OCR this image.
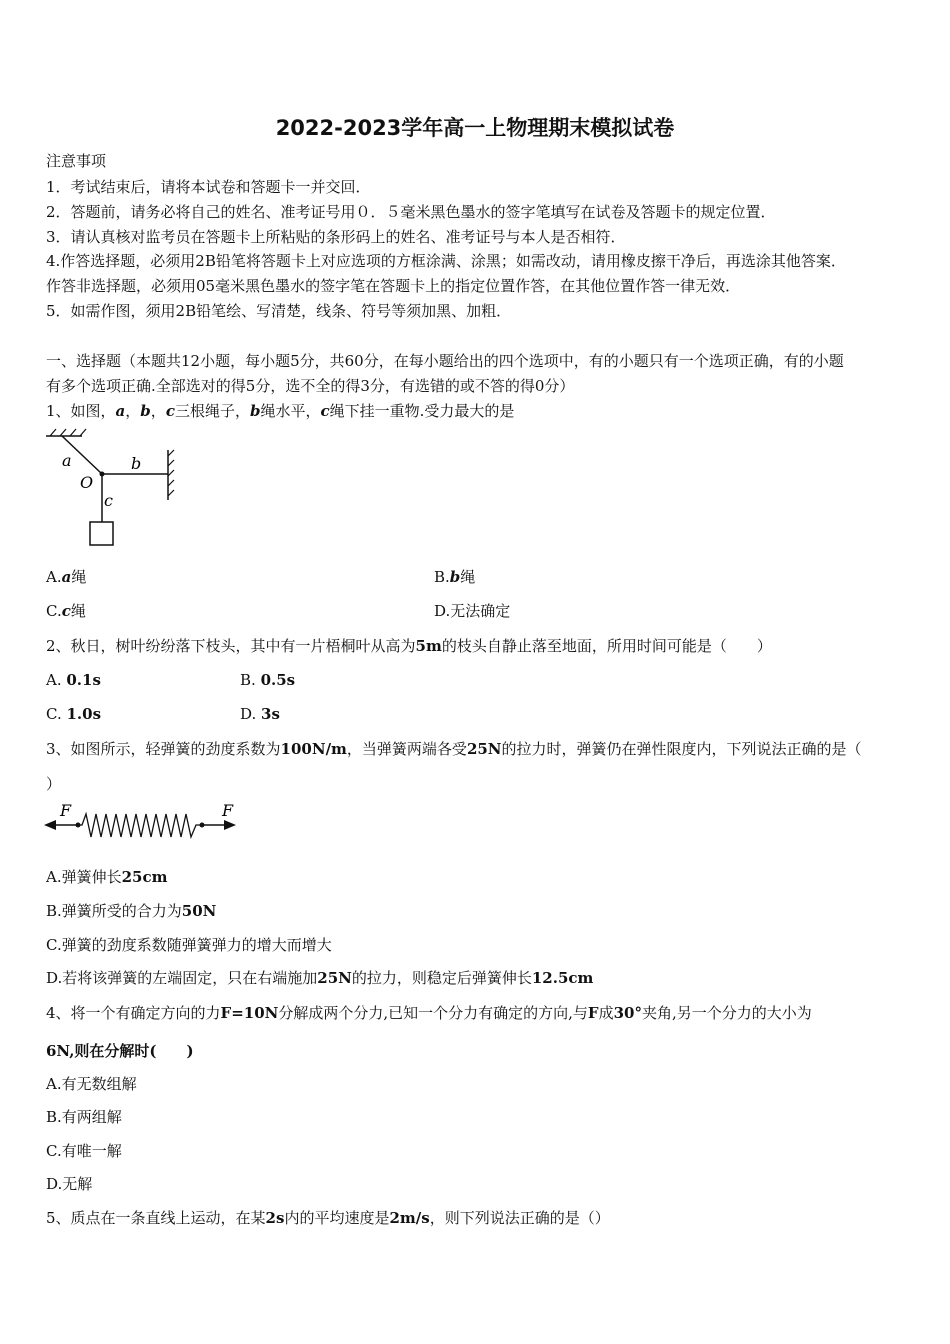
2022-2023学年高一上物理期末模拟试卷
注意事项
1．考试结束后，请将本试卷和答题卡一并交回．
2．答题前，请务必将自己的姓名、准考证号用０．５毫米黑色墨水的签字笔填写在试卷及答题卡的规定位置．
3．请认真核对监考员在答题卡上所粘贴的条形码上的姓名、准考证号与本人是否相符．
4.作答选择题，必须用2B铅笔将答题卡上对应选项的方框涂满、涂黑；如需改动，请用橡皮擦干净后，再选涂其他答案．
作答非选择题，必须用05毫米黑色墨水的签字笔在答题卡上的指定位置作答，在其他位置作答一律无效．
5．如需作图，须用2B铅笔绘、写清楚，线条、符号等须加黑、加粗．
一、选择题（本题共12小题，每小题5分，共60分，在每小题给出的四个选项中，有的小题只有一个选项正确，有的小题
有多个选项正确.全部选对的得5分，选不全的得3分，有选错的或不答的得0分）
1、如图，a，b，c三根绳子，b绳水平，c绳下挂一重物.受力最大的是
a	b
O
c
A.a绳	B.b绳
C.c绳	D.无法确定
2、秋日，树叶纷纷落下枝头，其中有一片梧桐叶从高为5m的枝头自静止落至地面，所用时间可能是（　　）
A. 0.1s	B. 0.5s
C. 1.0s	D. 3s
3、如图所示，轻弹簧的劲度系数为100N/m，当弹簧两端各受25N的拉力时，弹簧仍在弹性限度内，下列说法正确的是（
）
F	F
A.弹簧伸长25cm
B.弹簧所受的合力为50N
C.弹簧的劲度系数随弹簧弹力的增大而增大
D.若将该弹簧的左端固定，只在右端施加25N的拉力，则稳定后弹簧伸长12.5cm
4、将一个有确定方向的力F=10N分解成两个分力,已知一个分力有确定的方向,与F成30°夹角,另一个分力的大小为
6N,则在分解时(　　)
A.有无数组解
B.有两组解
C.有唯一解
D.无解
5、质点在一条直线上运动，在某2s内的平均速度是2m/s，则下列说法正确的是（）
